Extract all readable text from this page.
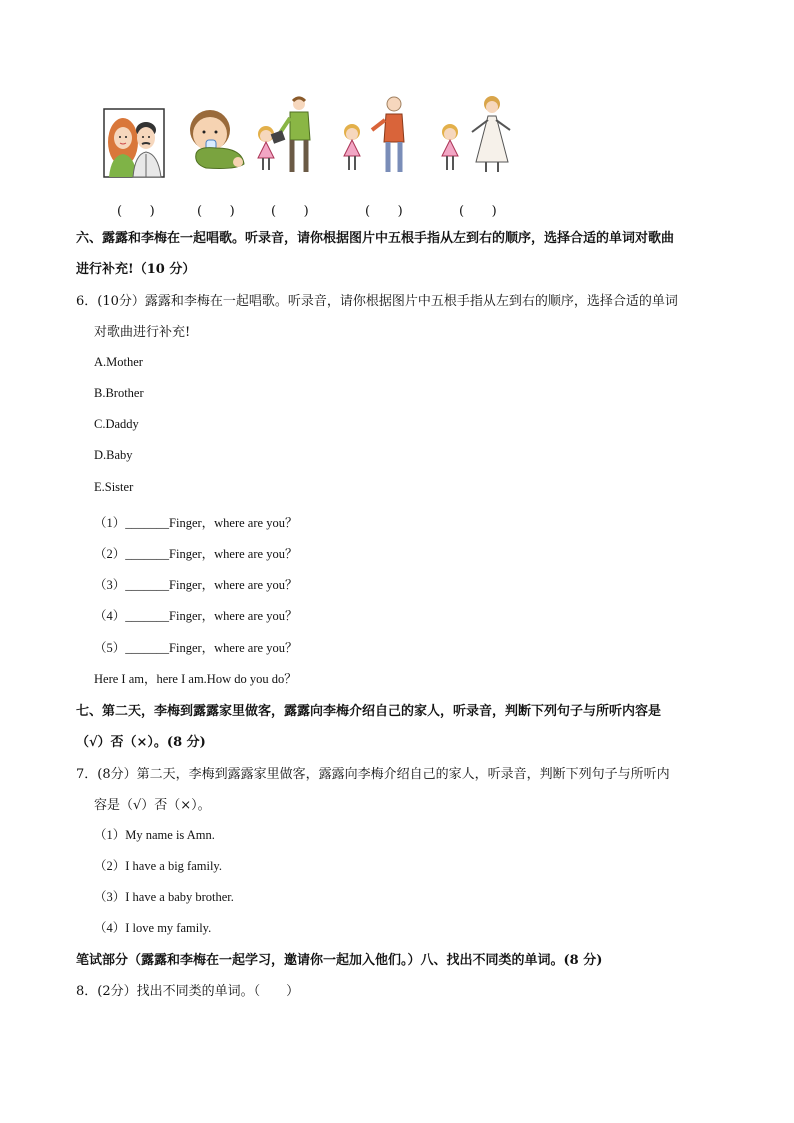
(　　)	(　　)	(　　)	(　　)	(　　)
六、露露和李梅在一起唱歌。听录音，请你根据图片中五根手指从左到右的顺序，选择合适的单词对歌曲
进行补充!（10 分）
6．(10分）露露和李梅在一起唱歌。听录音，请你根据图片中五根手指从左到右的顺序，选择合适的单词
对歌曲进行补充!
A.Mother
B.Brother
C.Daddy
D.Baby
E.Sister
（1）_______Finger，where are you？
（2）_______Finger，where are you？
（3）_______Finger，where are you？
（4）_______Finger，where are you？
（5）_______Finger，where are you？
Here I am，here I am.How do you do？
七、第二天，李梅到露露家里做客，露露向李梅介绍自己的家人，听录音，判断下列句子与所听内容是
（√）否（×）。(8 分)
7．(8分）第二天，李梅到露露家里做客，露露向李梅介绍自己的家人，听录音，判断下列句子与所听内
容是（√）否（×）。
（1）My name is Amn.
（2）I have a big family.
（3）I have a baby brother.
（4）I love my family.
笔试部分（露露和李梅在一起学习，邀请你一起加入他们。）八、找出不同类的单词。(8 分)
8．(2分）找出不同类的单词。（　　）
